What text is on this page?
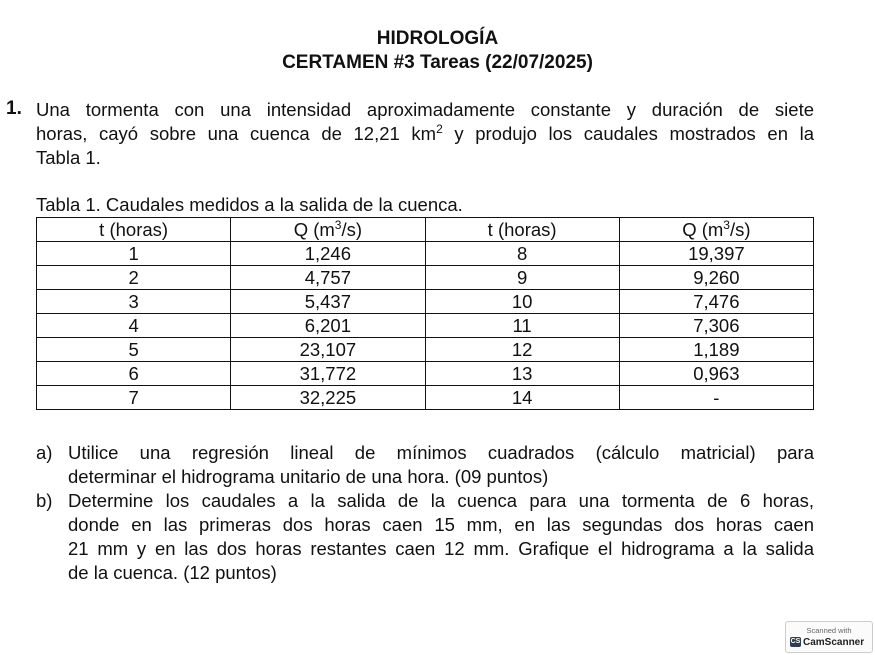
HIDROLOGÍA
CERTAMEN #3 Tareas (22/07/2025)
1. Una tormenta con una intensidad aproximadamente constante y duración de siete
horas, cayó sobre una cuenca de 12,21 $km^2$ y produjo los caudales mostrados en la
Tabla 1.
Tabla 1. Caudales medidos a la salida de la cuenca.
t (horas)	Q $(m^3/s)$	t (horas)	Q $(m^3/s)$
1	1,246	8	19,397
2	4,757	9	9,260
3	5,437	10	7,476
4	6,201	11	7,306
5	23,107	12	1,189
6	31,772	13	0,963
7	32,225	14	-
a) Utilice una regresión lineal de mínimos cuadrados (cálculo matricial) para
determinar el hidrograma unitario de una hora. (09 puntos)
b) Determine los caudales a la salida de la cuenca para una tormenta de 6 horas,
donde en las primeras dos horas caen 15 mm, en las segundas dos horas caen
21 mm y en las dos horas restantes caen 12 mm. Grafique el hidrograma a la salida
de la cuenca. (12 puntos)
Scanned with
CS CamScanner
